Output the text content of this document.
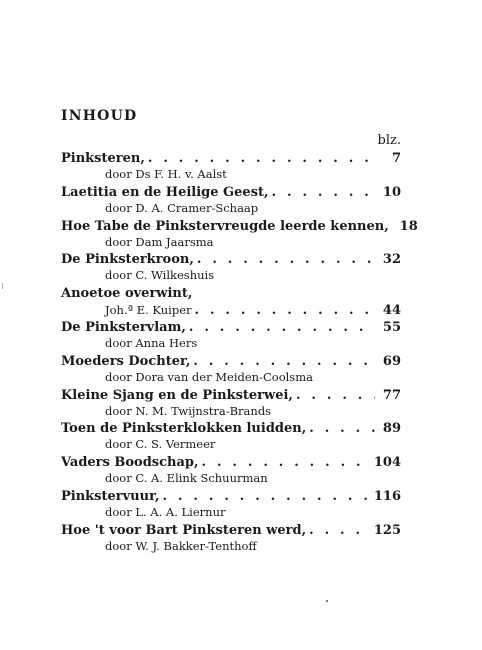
INHOUD
blz.
Pinksteren, . . .	7
door Ds F. H. v. Aalst
Laetitia en de Heilige Geest, . . .	10
door D. A. Cramer-Schaap
Hoe Tabe de Pinkstervreugde leerde kennen, . . . 18
door Dam Jaarsma
De Pinksterkroon, . . .	32
door C. Wilkeshuis
Anoetoe overwint,
Joh.ª E. Kuiper . . .	44
De Pinkstervlam, . . .	55
door Anna Hers
Moeders Dochter, . . .	69
door Dora van der Meiden-Coolsma
Kleine Sjang en de Pinksterwei, . . .	77
door N. M. Twijnstra-Brands
Toen de Pinksterklokken luidden, . . .	89
door C. S. Vermeer
Vaders Boodschap, . . .	104
door C. A. Elink Schuurman
Pinkstervuur, . . .	116
door L. A. A. Liernur
Hoe 't voor Bart Pinksteren werd, . . .	125
door W. J. Bakker-Tenthoff
